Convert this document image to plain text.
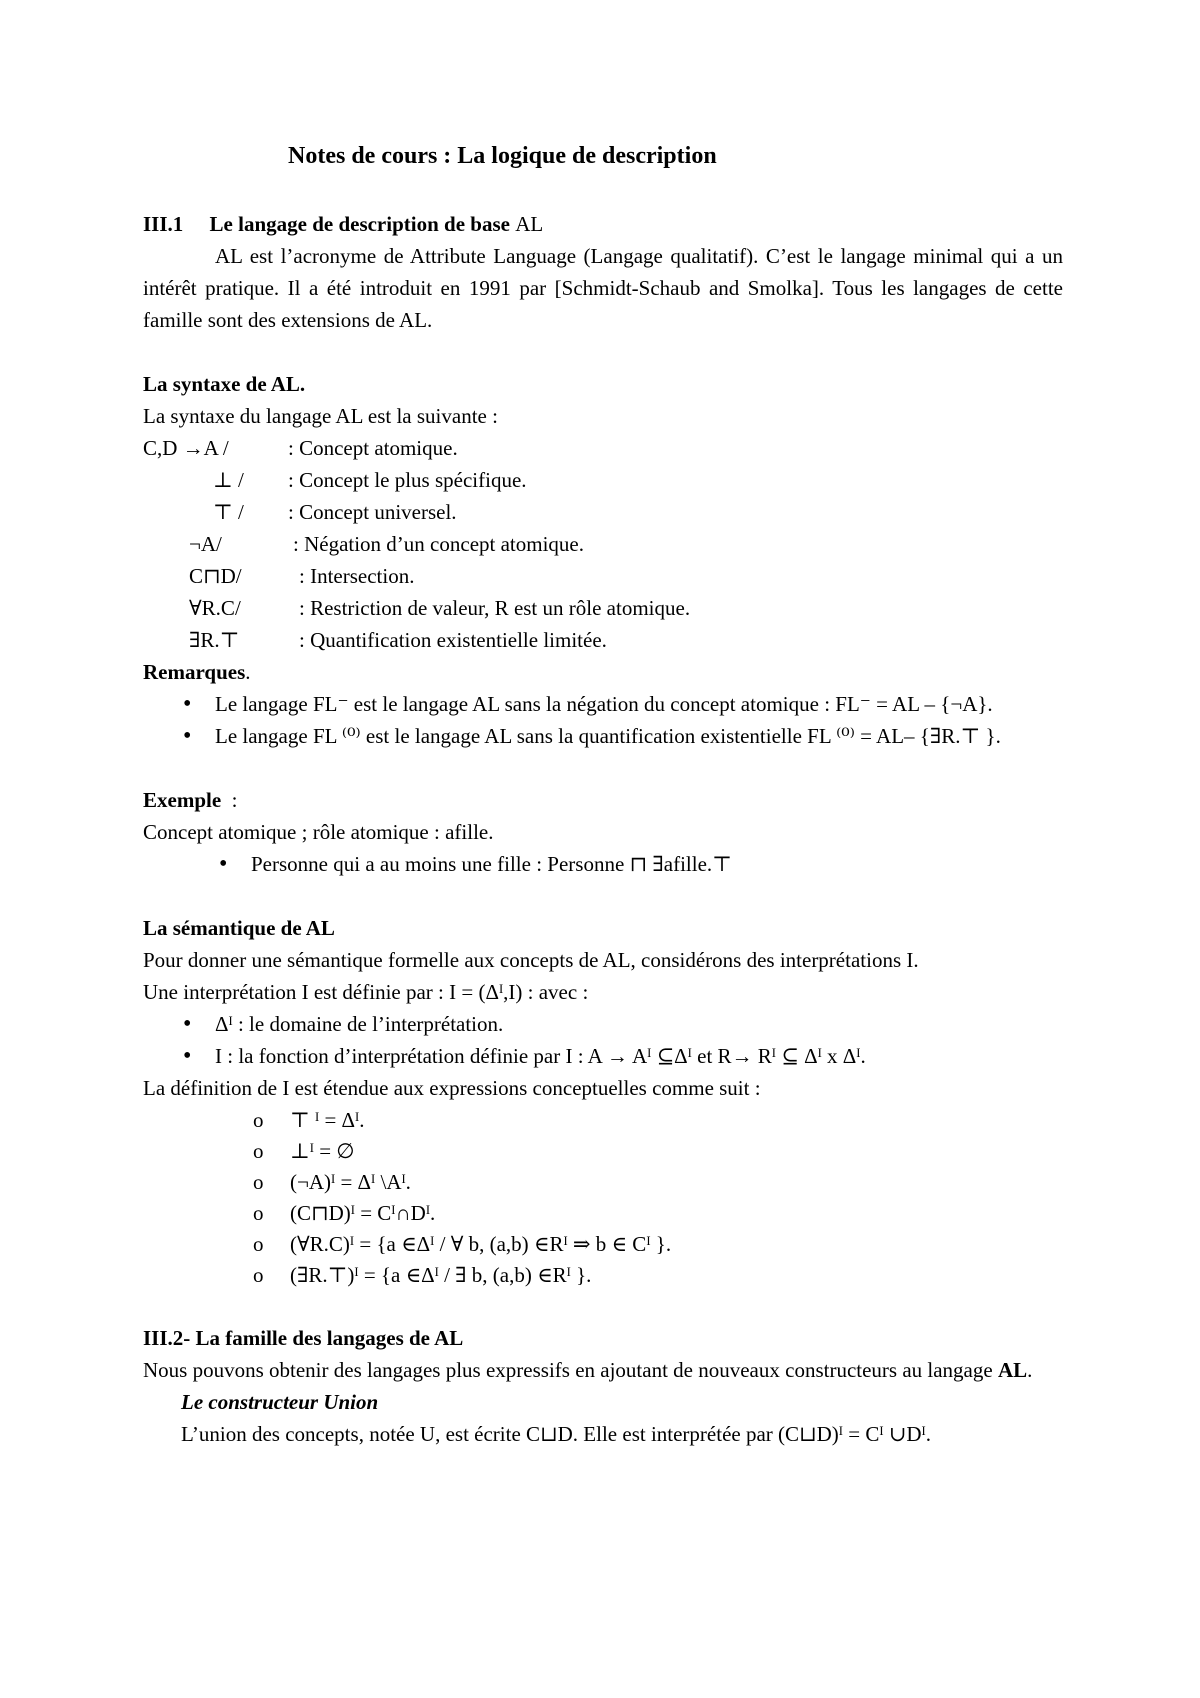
Notes de cours : La logique de description

III.1 Le langage de description de base AL

AL est l’acronyme de Attribute Language (Langage qualitatif). C’est le langage minimal qui a un intérêt pratique. Il a été introduit en 1991 par [Schmidt-Schaub and Smolka]. Tous les langages de cette famille sont des extensions de AL.

La syntaxe de AL.

La syntaxe du langage AL est la suivante :

C,D →A /	: Concept atomique.
⊥ /	: Concept le plus spécifique.
⊤ /	: Concept universel.
¬A/	: Négation d’un concept atomique.
C⊓D/	: Intersection.
∀R.C/	: Restriction de valeur, R est un rôle atomique.
∃R.⊤	: Quantification existentielle limitée.

Remarques.

• Le langage FL⁻ est le langage AL sans la négation du concept atomique : FL⁻ = AL – {¬A}.
• Le langage FL ⁽⁰⁾ est le langage AL sans la quantification existentielle FL ⁽⁰⁾ = AL– {∃R.⊤ }.

Exemple :

Concept atomique ; rôle atomique : afille.

• Personne qui a au moins une fille : Personne ⊓ ∃afille.⊤

La sémantique de AL

Pour donner une sémantique formelle aux concepts de AL, considérons des interprétations I.

Une interprétation I est définie par : I = (Δᴵ,I) : avec :

• Δᴵ : le domaine de l’interprétation.
• I : la fonction d’interprétation définie par I : A → Aᴵ ⊆Δᴵ et R→ Rᴵ ⊆ Δᴵ x Δᴵ.

La définition de I est étendue aux expressions conceptuelles comme suit :

o ⊤ ᴵ = Δᴵ.
o ⊥ᴵ = ∅
o (¬A)ᴵ = Δᴵ \Aᴵ.
o (C⊓D)ᴵ = Cᴵ∩Dᴵ.
o (∀R.C)ᴵ = {a ∈Δᴵ / ∀ b, (a,b) ∈Rᴵ ⇒ b ∈ Cᴵ }.
o (∃R.⊤)ᴵ = {a ∈Δᴵ / ∃ b, (a,b) ∈Rᴵ }.

III.2- La famille des langages de AL

Nous pouvons obtenir des langages plus expressifs en ajoutant de nouveaux constructeurs au langage AL.

Le constructeur Union

L’union des concepts, notée U, est écrite C⊔D. Elle est interprétée par (C⊔D)ᴵ = Cᴵ ∪Dᴵ.
